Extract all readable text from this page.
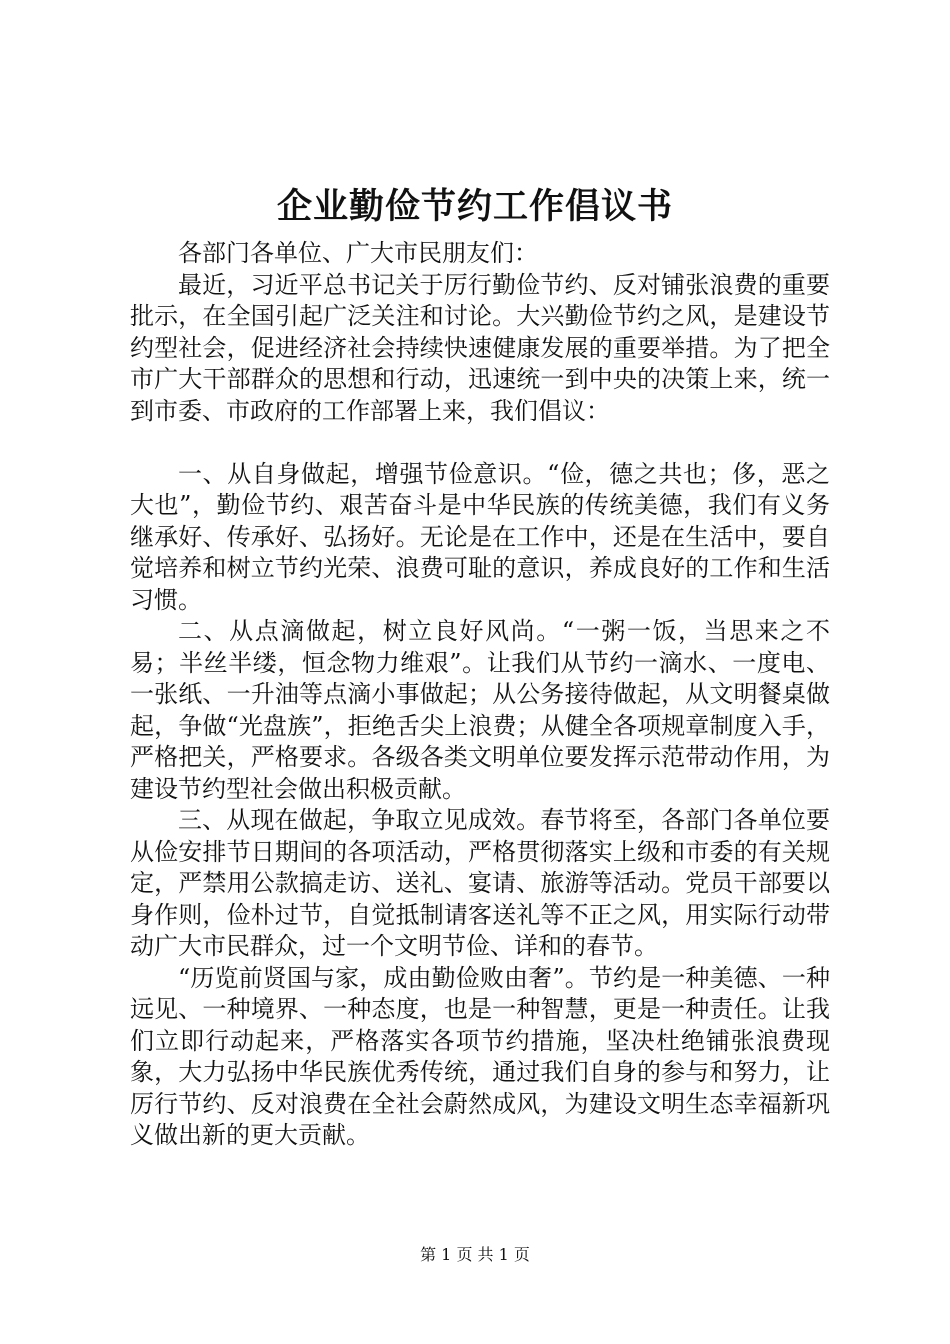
企业勤俭节约工作倡议书

各部门各单位、广大市民朋友们：

最近，习近平总书记关于厉行勤俭节约、反对铺张浪费的重要批示，在全国引起广泛关注和讨论。大兴勤俭节约之风，是建设节约型社会，促进经济社会持续快速健康发展的重要举措。为了把全市广大干部群众的思想和行动，迅速统一到中央的决策上来，统一到市委、市政府的工作部署上来，我们倡议：

一、从自身做起，增强节俭意识。“俭，德之共也；侈，恶之大也”，勤俭节约、艰苦奋斗是中华民族的传统美德，我们有义务继承好、传承好、弘扬好。无论是在工作中，还是在生活中，要自觉培养和树立节约光荣、浪费可耻的意识，养成良好的工作和生活习惯。

二、从点滴做起，树立良好风尚。“一粥一饭，当思来之不易；半丝半缕，恒念物力维艰”。让我们从节约一滴水、一度电、一张纸、一升油等点滴小事做起；从公务接待做起，从文明餐桌做起，争做“光盘族”，拒绝舌尖上浪费；从健全各项规章制度入手，严格把关，严格要求。各级各类文明单位要发挥示范带动作用，为建设节约型社会做出积极贡献。

三、从现在做起，争取立见成效。春节将至，各部门各单位要从俭安排节日期间的各项活动，严格贯彻落实上级和市委的有关规定，严禁用公款搞走访、送礼、宴请、旅游等活动。党员干部要以身作则，俭朴过节，自觉抵制请客送礼等不正之风，用实际行动带动广大市民群众，过一个文明节俭、详和的春节。

“历览前贤国与家，成由勤俭败由奢”。节约是一种美德、一种远见、一种境界、一种态度，也是一种智慧，更是一种责任。让我们立即行动起来，严格落实各项节约措施，坚决杜绝铺张浪费现象，大力弘扬中华民族优秀传统，通过我们自身的参与和努力，让厉行节约、反对浪费在全社会蔚然成风，为建设文明生态幸福新巩义做出新的更大贡献。

第 1 页 共 1 页
